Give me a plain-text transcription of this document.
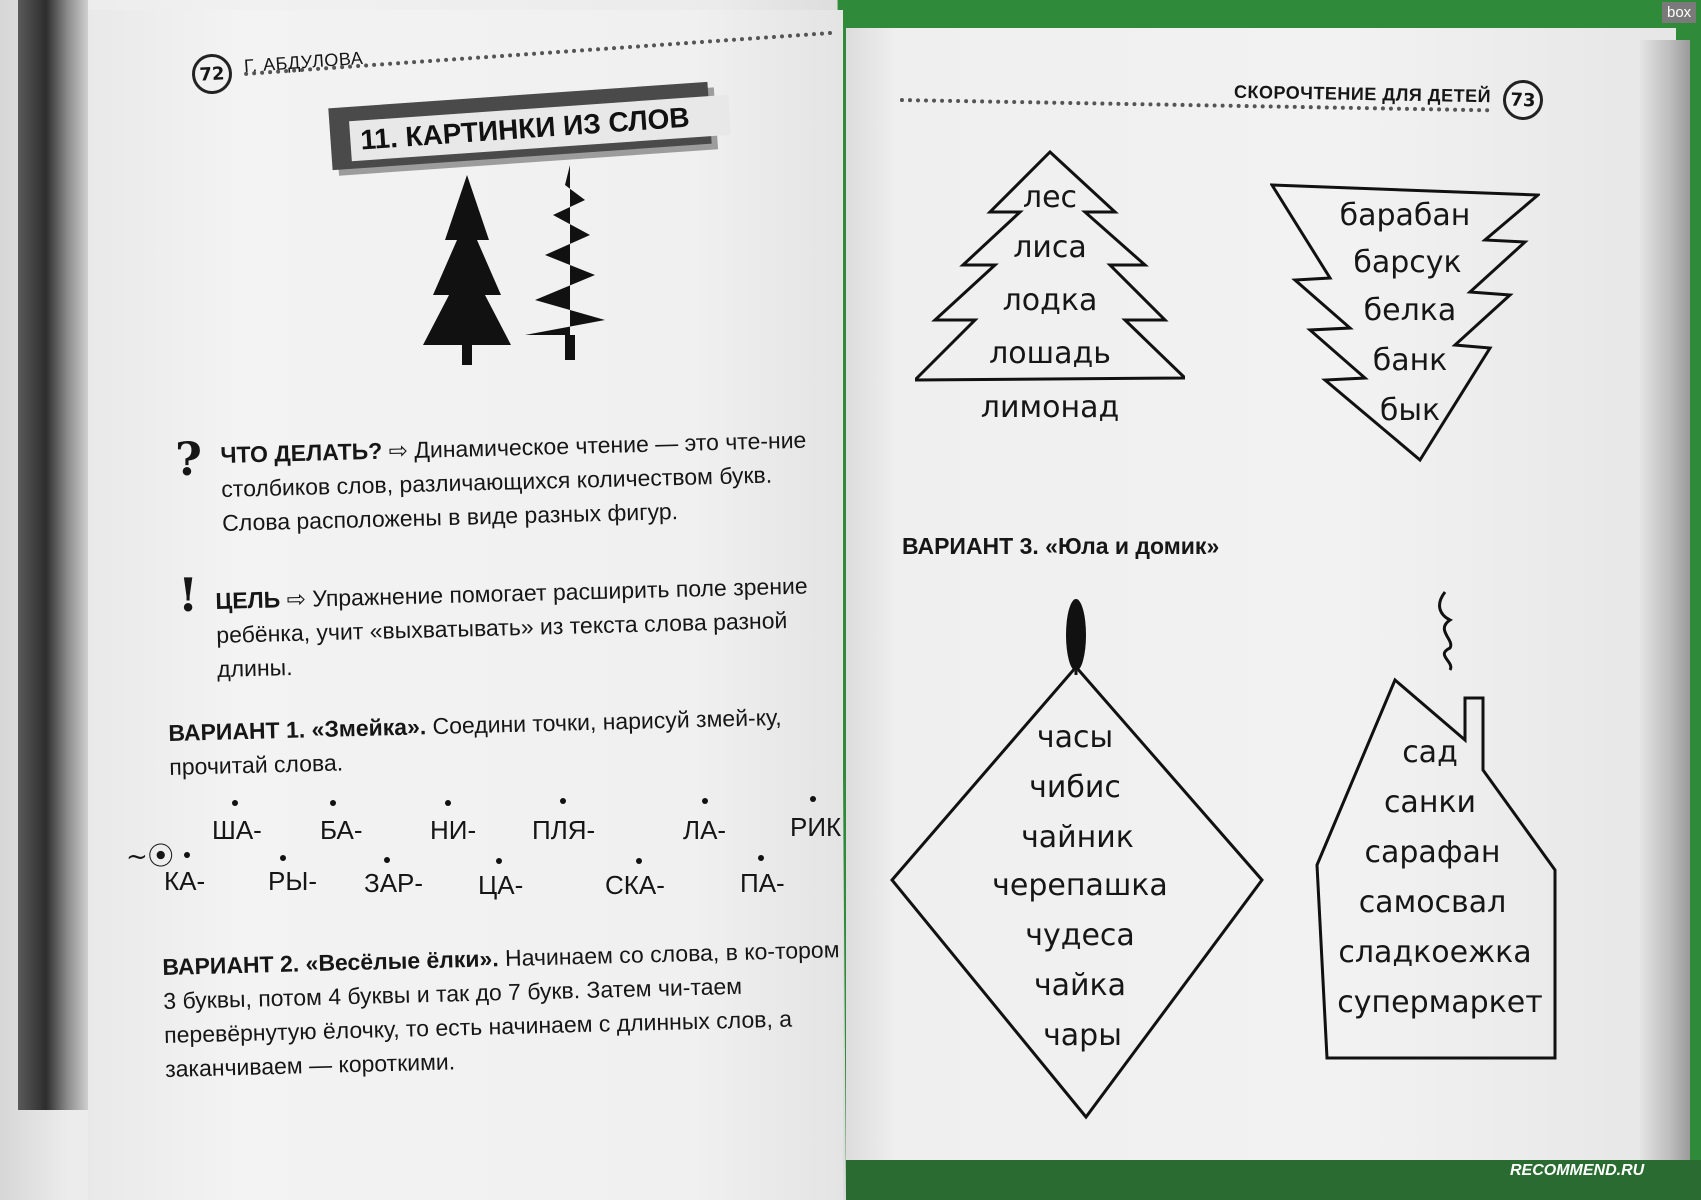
72	Г. АБДУЛОВА
11. КАРТИНКИ ИЗ СЛОВ
? ЧТО ДЕЛАТЬ? ⇨ Динамическое чтение — это чте-ние столбиков слов, различающихся количеством букв. Слова расположены в виде разных фигур.
! ЦЕЛЬ ⇨ Упражнение помогает расширить поле зрение ребёнка, учит «выхватывать» из текста слова разной длины.
ВАРИАНТ 1. «Змейка». Соедини точки, нарисуй змей-ку, прочитай слова.
~⦿
ША- БА-	НИ- ПЛЯ-	ЛА- РИК
КА- РЫ- ЗАР- ЦА-	СКА-	ПА-
ВАРИАНТ 2. «Весёлые ёлки». Начинаем со слова, в ко-тором 3 буквы, потом 4 буквы и так до 7 букв. Затем чи-таем перевёрнутую ёлочку, то есть начинаем с длинных слов, а заканчиваем — короткими.
СКОРОЧТЕНИЕ ДЛЯ ДЕТЕЙ	73
лес
лиса
лодка
лошадь
лимонад
барабан
барсук
белка
банк
бык
ВАРИАНТ 3. «Юла и домик»
часы
чибис
чайник
черепашка
чудеса
чайка
чары
сад
санки
сарафан
самосвал
сладкоежка
супермаркет
RECOMMEND.RU
box
